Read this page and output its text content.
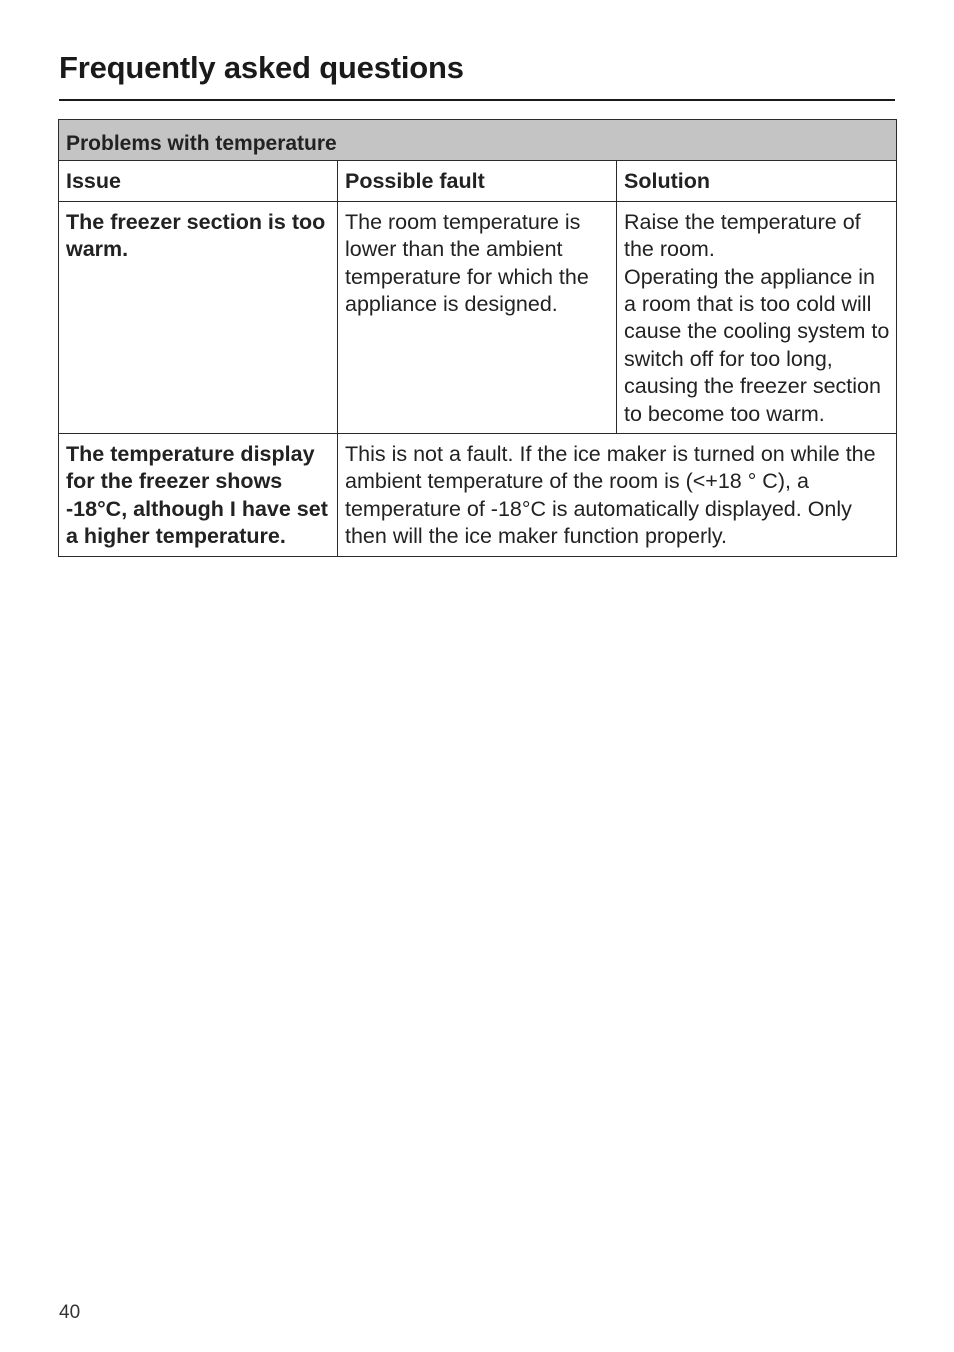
Frequently asked questions
Problems with temperature		
Issue	Possible fault	Solution
The freezer section is too warm.	The room temperature is lower than the ambient temperature for which the appliance is designed.	Raise the temperature of the room.
Operating the appliance in a room that is too cold will cause the cooling system to switch off for too long, causing the freezer section to become too warm.

The temperature display for the freezer shows -18°C, although I have set a higher temperature.	This is not a fault. If the ice maker is turned on while the ambient temperature of the room is (<+18 ° C), a temperature of -18°C is automatically displayed. Only then will the ice maker function properly.	
40
